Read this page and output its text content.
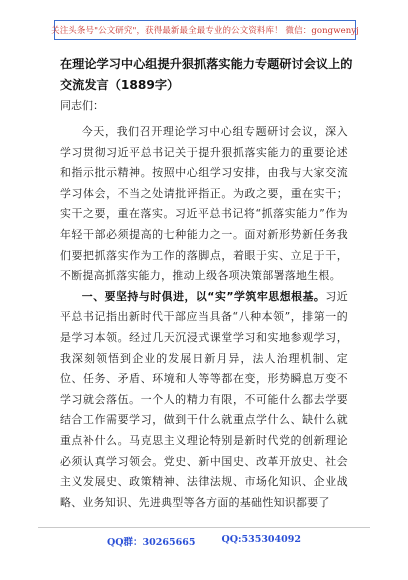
关注头条号"公文研究"，获得最新最全最专业的公文资料库！ 微信：gongwenyj
在理论学习中心组提升狠抓落实能力专题研讨会议上的交流发言（1889字）
同志们：

今天，我们召开理论学习中心组专题研讨会议，深入学习贯彻习近平总书记关于提升狠抓落实能力的重要论述和指示批示精神。按照中心组学习安排，由我与大家交流学习体会，不当之处请批评指正。为政之要，重在实干；实干之要，重在落实。习近平总书记将“抓落实能力”作为年轻干部必须提高的七种能力之一。面对新形势新任务我们要把抓落实作为工作的落脚点，着眼于实、立足于干，不断提高抓落实能力，推动上级各项决策部署落地生根。

一、要坚持与时俱进，以“实”学筑牢思想根基。习近平总书记指出新时代干部应当具备“八种本领”，排第一的是学习本领。经过几天沉浸式课堂学习和实地参观学习，我深刻领悟到企业的发展日新月异，法人治理机制、定位、任务、矛盾、环境和人等等都在变，形势瞬息万变不学习就会落伍。一个人的精力有限，不可能什么都去学要结合工作需要学习，做到干什么就重点学什么、缺什么就重点补什么。马克思主义理论特别是新时代党的创新理论必须认真学习领会。党史、新中国史、改革开放史、社会主义发展史、政策精神、法律法规、市场化知识、企业战略、业务知识、先进典型等各方面的基础性知识都要了

QQ群：30265665	QQ:535304092
